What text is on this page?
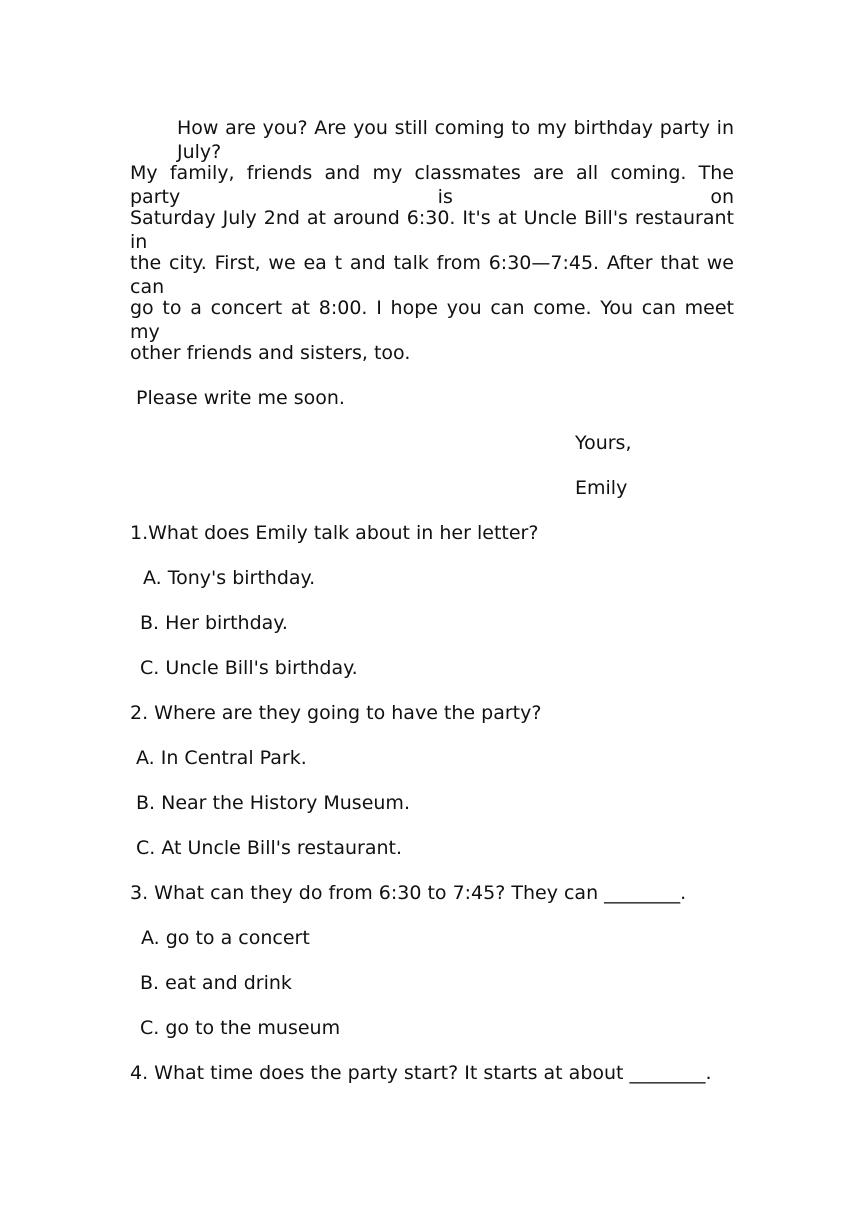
How are you? Are you still coming to my birthday party in July?
My family, friends and my classmates are all coming. The party is on
Saturday July 2nd at around 6:30. It's at Uncle Bill's restaurant in
the city. First, we ea t and talk from 6:30—7:45. After that we can
go to a concert at 8:00. I hope you can come. You can meet my
other friends and sisters, too.
Please write me soon.
Yours,
Emily
1.What does Emily talk about in her letter?
A. Tony's birthday.
B. Her birthday.
C. Uncle Bill's birthday.
2. Where are they going to have the party?
A. In Central Park.
B. Near the History Museum.
C. At Uncle Bill's restaurant.
3. What can they do from 6:30 to 7:45? They can ________.
A. go to a concert
B. eat and drink
C. go to the museum
4. What time does the party start? It starts at about ________.
